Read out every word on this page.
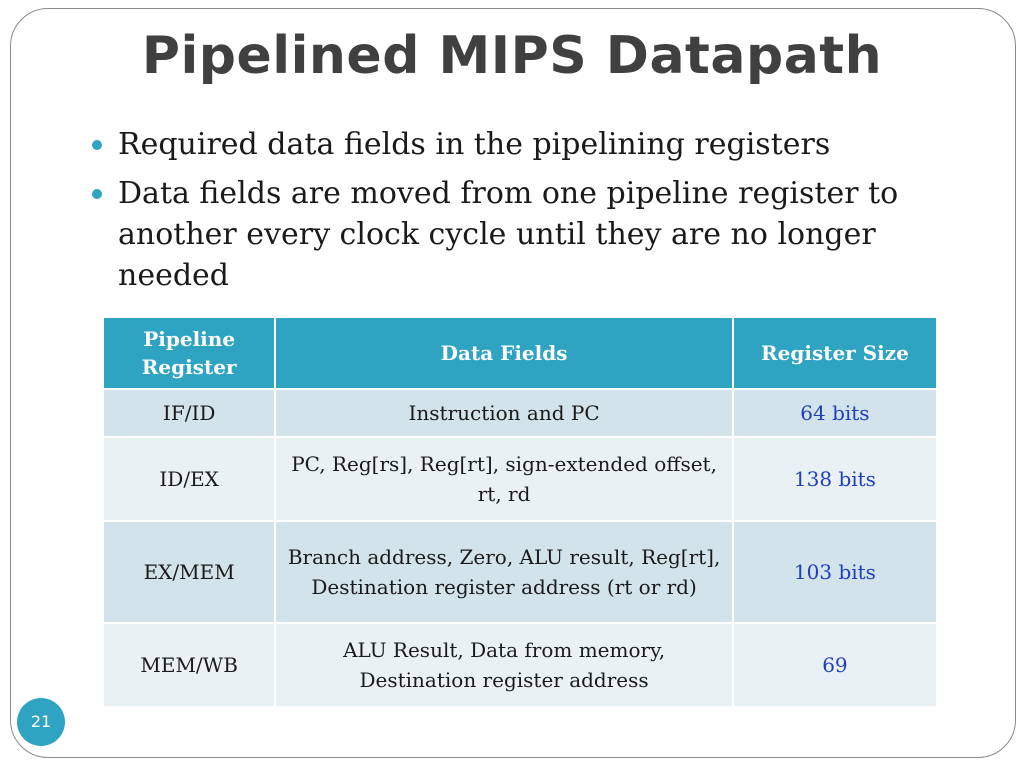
Pipelined MIPS Datapath
Required data fields in the pipelining registers
Data fields are moved from one pipeline register to another every clock cycle until they are no longer needed
Pipeline Register	Data Fields	Register Size
IF/ID	Instruction and PC	64 bits
ID/EX	PC, Reg[rs], Reg[rt], sign-extended offset, rt, rd	138 bits
EX/MEM	Branch address, Zero, ALU result, Reg[rt], Destination register address (rt or rd)	103 bits
MEM/WB	ALU Result, Data from memory, Destination register address	69
21
